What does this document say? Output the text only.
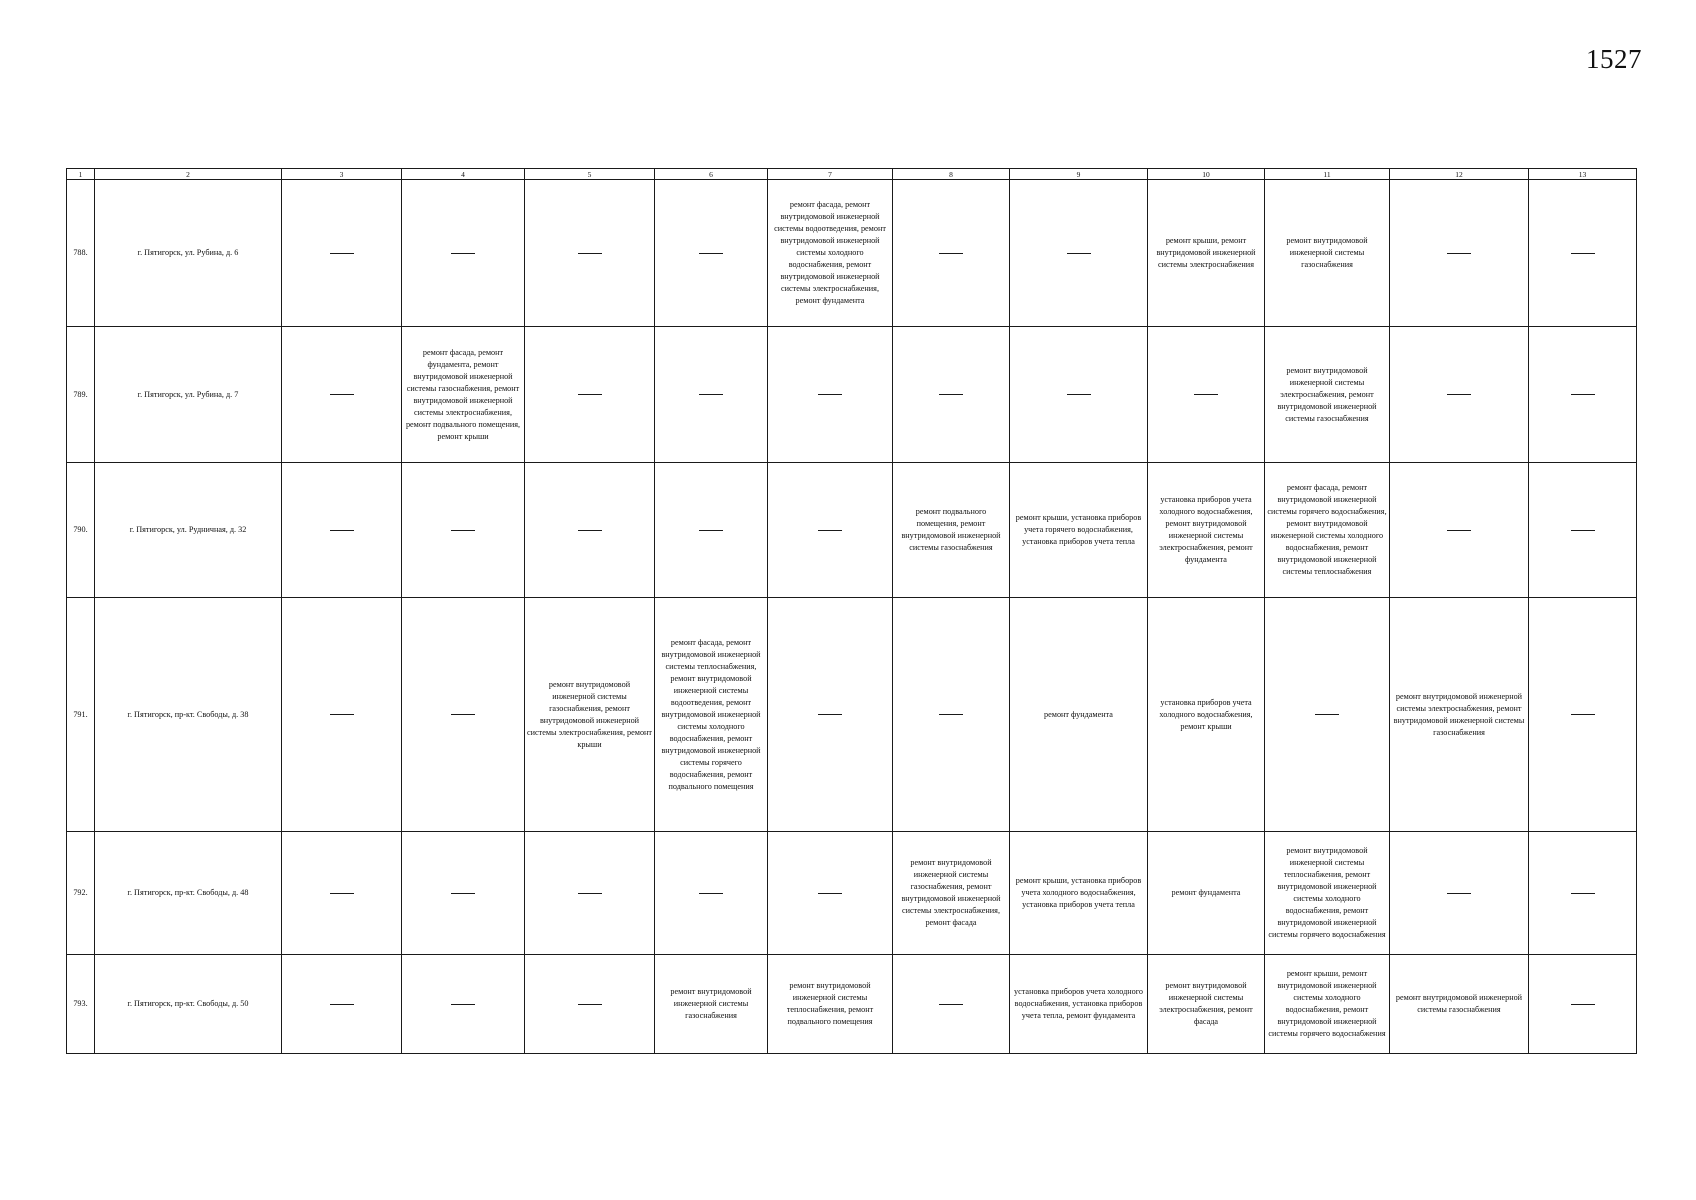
1527
1	2	3	4	5	6	7	8	9	10	11	12	13
788.	г. Пятигорск, ул. Рубина, д. 6					ремонт фасада, ремонт внутридомовой инженерной системы водоотведения, ремонт внутридомовой инженерной системы холодного водоснабжения, ремонт внутридомовой инженерной системы электроснабжения, ремонт фундамента			ремонт крыши, ремонт внутридомовой инженерной системы электроснабжения	ремонт внутридомовой инженерной системы газоснабжения		
789.	г. Пятигорск, ул. Рубина, д. 7		ремонт фасада, ремонт фундамента, ремонт внутридомовой инженерной системы газоснабжения, ремонт внутридомовой инженерной системы электроснабжения, ремонт подвального помещения, ремонт крыши							ремонт внутридомовой инженерной системы электроснабжения, ремонт внутридомовой инженерной системы газоснабжения		
790.	г. Пятигорск, ул. Рудничная, д. 32						ремонт подвального помещения, ремонт внутридомовой инженерной системы газоснабжения	ремонт крыши, установка приборов учета горячего водоснабжения, установка приборов учета тепла	установка приборов учета холодного водоснабжения, ремонт внутридомовой инженерной системы электроснабжения, ремонт фундамента	ремонт фасада, ремонт внутридомовой инженерной системы горячего водоснабжения, ремонт внутридомовой инженерной системы холодного водоснабжения, ремонт внутридомовой инженерной системы теплоснабжения		
791.	г. Пятигорск, пр-кт. Свободы, д. 38			ремонт внутридомовой инженерной системы газоснабжения, ремонт внутридомовой инженерной системы электроснабжения, ремонт крыши	ремонт фасада, ремонт внутридомовой инженерной системы теплоснабжения, ремонт внутридомовой инженерной системы водоотведения, ремонт внутридомовой инженерной системы холодного водоснабжения, ремонт внутридомовой инженерной системы горячего водоснабжения, ремонт подвального помещения			ремонт фундамента	установка приборов учета холодного водоснабжения, ремонт крыши		ремонт внутридомовой инженерной системы электроснабжения, ремонт внутридомовой инженерной системы газоснабжения	
792.	г. Пятигорск, пр-кт. Свободы, д. 48						ремонт внутридомовой инженерной системы газоснабжения, ремонт внутридомовой инженерной системы электроснабжения, ремонт фасада	ремонт крыши, установка приборов учета холодного водоснабжения, установка приборов учета тепла	ремонт фундамента	ремонт внутридомовой инженерной системы теплоснабжения, ремонт внутридомовой инженерной системы холодного водоснабжения, ремонт внутридомовой инженерной системы горячего водоснабжения		
793.	г. Пятигорск, пр-кт. Свободы, д. 50				ремонт внутридомовой инженерной системы газоснабжения	ремонт внутридомовой инженерной системы теплоснабжения, ремонт подвального помещения		установка приборов учета холодного водоснабжения, установка приборов учета тепла, ремонт фундамента	ремонт внутридомовой инженерной системы электроснабжения, ремонт фасада	ремонт крыши, ремонт внутридомовой инженерной системы холодного водоснабжения, ремонт внутридомовой инженерной системы горячего водоснабжения	ремонт внутридомовой инженерной системы газоснабжения	
